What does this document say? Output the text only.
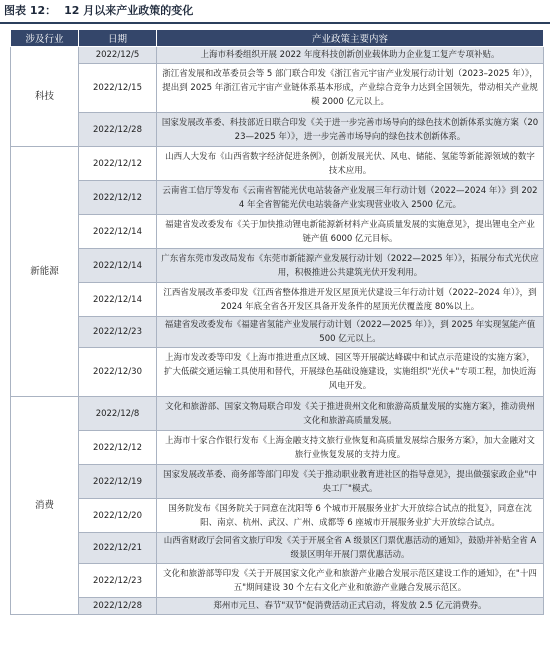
图表 12： 12 月以来产业政策的变化
涉及行业	日期	产业政策主要内容
科技	2022/12/5	上海市科委组织开展 2022 年度科技创新创业载体助力企业复工复产专项补贴。
	2022/12/15	浙江省发展和改革委员会等 5 部门联合印发《浙江省元宇宙产业发展行动计划（2023–2025 年）》，提出到 2025 年浙江省元宇宙产业链体系基本形成，产业综合竞争力达到全国领先，带动相关产业规模 2000 亿元以上。
	2022/12/28	国家发展改革委、科技部近日联合印发《关于进一步完善市场导向的绿色技术创新体系实施方案（2023—2025 年）》，进一步完善市场导向的绿色技术创新体系。
新能源	2022/12/12	山西人大发布《山西省数字经济促进条例》，创新发展光伏、风电、储能、氢能等新能源领域的数字技术应用。
	2022/12/12	云南省工信厅等发布《云南省智能光伏电站装备产业发展三年行动计划（2022—2024 年）》到 2024 年全省智能光伏电站装备产业实现营业收入 2500 亿元。
	2022/12/14	福建省发改委发布《关于加快推动锂电新能源新材料产业高质量发展的实施意见》，提出锂电全产业链产值 6000 亿元目标。
	2022/12/14	广东省东莞市发改局发布《东莞市新能源产业发展行动计划（2022—2025 年）》，拓展分布式光伏应用，积极推进公共建筑光伏开发利用。
	2022/12/14	江西省发展改革委印发《江西省整体推进开发区屋顶光伏建设三年行动计划（2022–2024 年）》，到 2024 年底全省各开发区具备开发条件的屋顶光伏覆盖度 80%以上。
	2022/12/23	福建省发改委发布《福建省氢能产业发展行动计划（2022—2025 年）》，到 2025 年实现氢能产值 500 亿元以上。
	2022/12/30	上海市发改委等印发《上海市推进重点区域、园区等开展碳达峰碳中和试点示范建设的实施方案》，扩大低碳交通运输工具使用和替代，开展绿色基础设施建设，实施组织"光伏+"专项工程，加快近海风电开发。
消费	2022/12/8	文化和旅游部、国家文物局联合印发《关于推进贵州文化和旅游高质量发展的实施方案》，推动贵州文化和旅游高质量发展。
	2022/12/12	上海市十家合作银行发布《上海金融支持文旅行业恢复和高质量发展综合服务方案》，加大金融对文旅行业恢复发展的支持力度。
	2022/12/19	国家发展改革委、商务部等部门印发《关于推动职业教育进社区的指导意见》，提出做强家政企业"中央工厂"模式。
	2022/12/20	国务院发布《国务院关于同意在沈阳等 6 个城市开展服务业扩大开放综合试点的批复》，同意在沈阳、南京、杭州、武汉、广州、成都等 6 座城市开展服务业扩大开放综合试点。
	2022/12/21	山西省财政厅会同省文旅厅印发《关于开展全省 A 级景区门票优惠活动的通知》，鼓励并补贴全省 A 级景区明年开展门票优惠活动。
	2022/12/23	文化和旅游部等印发《关于开展国家文化产业和旅游产业融合发展示范区建设工作的通知》，在"十四五"期间建设 30 个左右文化产业和旅游产业融合发展示范区。
	2022/12/28	郑州市元旦、春节"双节"促消费活动正式启动，将发放 2.5 亿元消费券。
